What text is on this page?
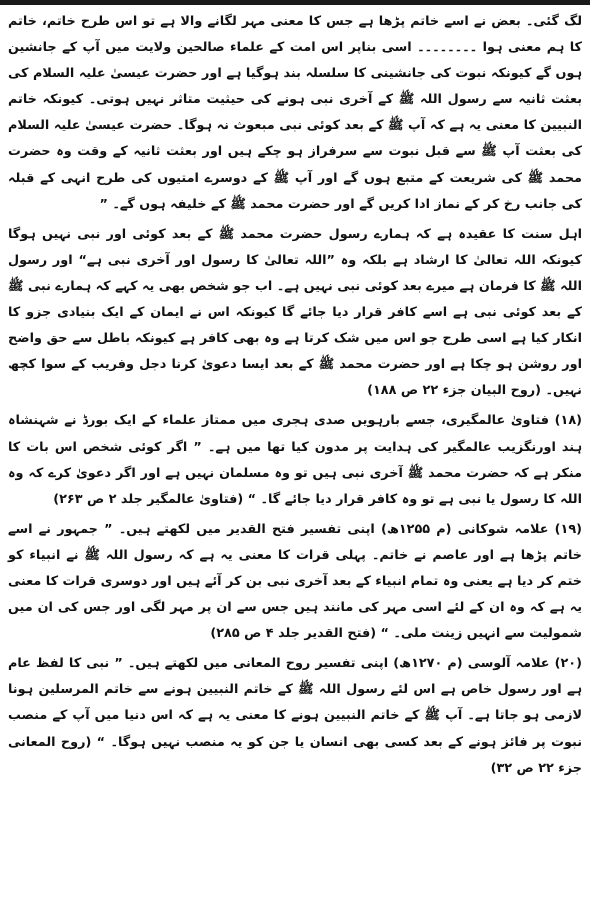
لگ گئی۔ بعض نے اسے خاتم پڑھا ہے جس کا معنی مہر لگانے والا ہے تو اس طرح خاتم، خاتم کا ہم معنی ہوا ۔۔۔۔۔۔۔۔ اسی بناپر اس امت کے علماء صالحین ولایت میں آپ کے جانشین ہوں گے کیونکہ نبوت کی جانشینی کا سلسلہ بند ہوگیا ہے اور حضرت عیسیٰ علیہ السلام کی بعثت ثانیہ سے رسول اللہ ﷺ کے آخری نبی ہونے کی حیثیت متاثر نہیں ہوتی۔ کیونکہ خاتم النبیین کا معنی یہ ہے کہ آپ ﷺ کے بعد کوئی نبی مبعوث نہ ہوگا۔ حضرت عیسیٰ علیہ السلام کی بعثت آپ ﷺ سے قبل نبوت سے سرفراز ہو چکے ہیں اور بعثت ثانیہ کے وقت وہ حضرت محمد ﷺ کی شریعت کے متبع ہوں گے اور آپ ﷺ کے دوسرے امتیوں کی طرح انہی کے قبلہ کی جانب رخ کر کے نماز ادا کریں گے اور حضرت محمد ﷺ کے خلیفہ ہوں گے۔ ”

اہل سنت کا عقیدہ ہے کہ ہمارے رسول حضرت محمد ﷺ کے بعد کوئی اور نبی نہیں ہوگا کیونکہ اللہ تعالیٰ کا ارشاد ہے بلکہ وہ ”اللہ تعالیٰ کا رسول اور آخری نبی ہے“ اور رسول اللہ ﷺ کا فرمان ہے میرے بعد کوئی نبی نہیں ہے۔ اب جو شخص بھی یہ کہے کہ ہمارے نبی ﷺ کے بعد کوئی نبی ہے اسے کافر قرار دیا جائے گا کیونکہ اس نے ایمان کے ایک بنیادی جزو کا انکار کیا ہے اسی طرح جو اس میں شک کرتا ہے وہ بھی کافر ہے کیونکہ باطل سے حق واضح اور روشن ہو چکا ہے اور حضرت محمد ﷺ کے بعد ایسا دعویٰ کرنا دجل وفریب کے سوا کچھ نہیں۔ (روح البیان جزء ۲۲ ص ۱۸۸)

(۱۸) فتاویٰ عالمگیری، جسے بارہویں صدی ہجری میں ممتاز علماء کے ایک بورڈ نے شہنشاہ ہند اورنگزیب عالمگیر کی ہدایت پر مدون کیا تھا میں ہے۔ ” اگر کوئی شخص اس بات کا منکر ہے کہ حضرت محمد ﷺ آخری نبی ہیں تو وہ مسلمان نہیں ہے اور اگر دعویٰ کرے کہ وہ اللہ کا رسول یا نبی ہے تو وہ کافر قرار دیا جائے گا۔ “ (فتاویٰ عالمگیر جلد ۲ ص ۲۶۳)

(۱۹) علامہ شوکانی (م ۱۲۵۵ھ) اپنی تفسیر فتح القدیر میں لکھتے ہیں۔ ” جمہور نے اسے خاتم پڑھا ہے اور عاصم نے خاتم۔ پہلی قرات کا معنی یہ ہے کہ رسول اللہ ﷺ نے انبیاء کو ختم کر دیا ہے یعنی وہ تمام انبیاء کے بعد آخری نبی بن کر آئے ہیں اور دوسری قرات کا معنی یہ ہے کہ وہ ان کے لئے اسی مہر کی مانند ہیں جس سے ان پر مہر لگی اور جس کی ان میں شمولیت سے انہیں زینت ملی۔ “ (فتح القدیر جلد ۴ ص ۲۸۵)

(۲۰) علامہ آلوسی (م ۱۲۷۰ھ) اپنی تفسیر روح المعانی میں لکھتے ہیں۔ ” نبی کا لفظ عام ہے اور رسول خاص ہے اس لئے رسول اللہ ﷺ کے خاتم النبیین ہونے سے خاتم المرسلین ہونا لازمی ہو جاتا ہے۔ آپ ﷺ کے خاتم النبیین ہونے کا معنی یہ ہے کہ اس دنیا میں آپ کے منصب نبوت پر فائز ہونے کے بعد کسی بھی انسان یا جن کو یہ منصب نہیں ہوگا۔ “ (روح المعانی جزء ۲۲ ص ۳۲)
